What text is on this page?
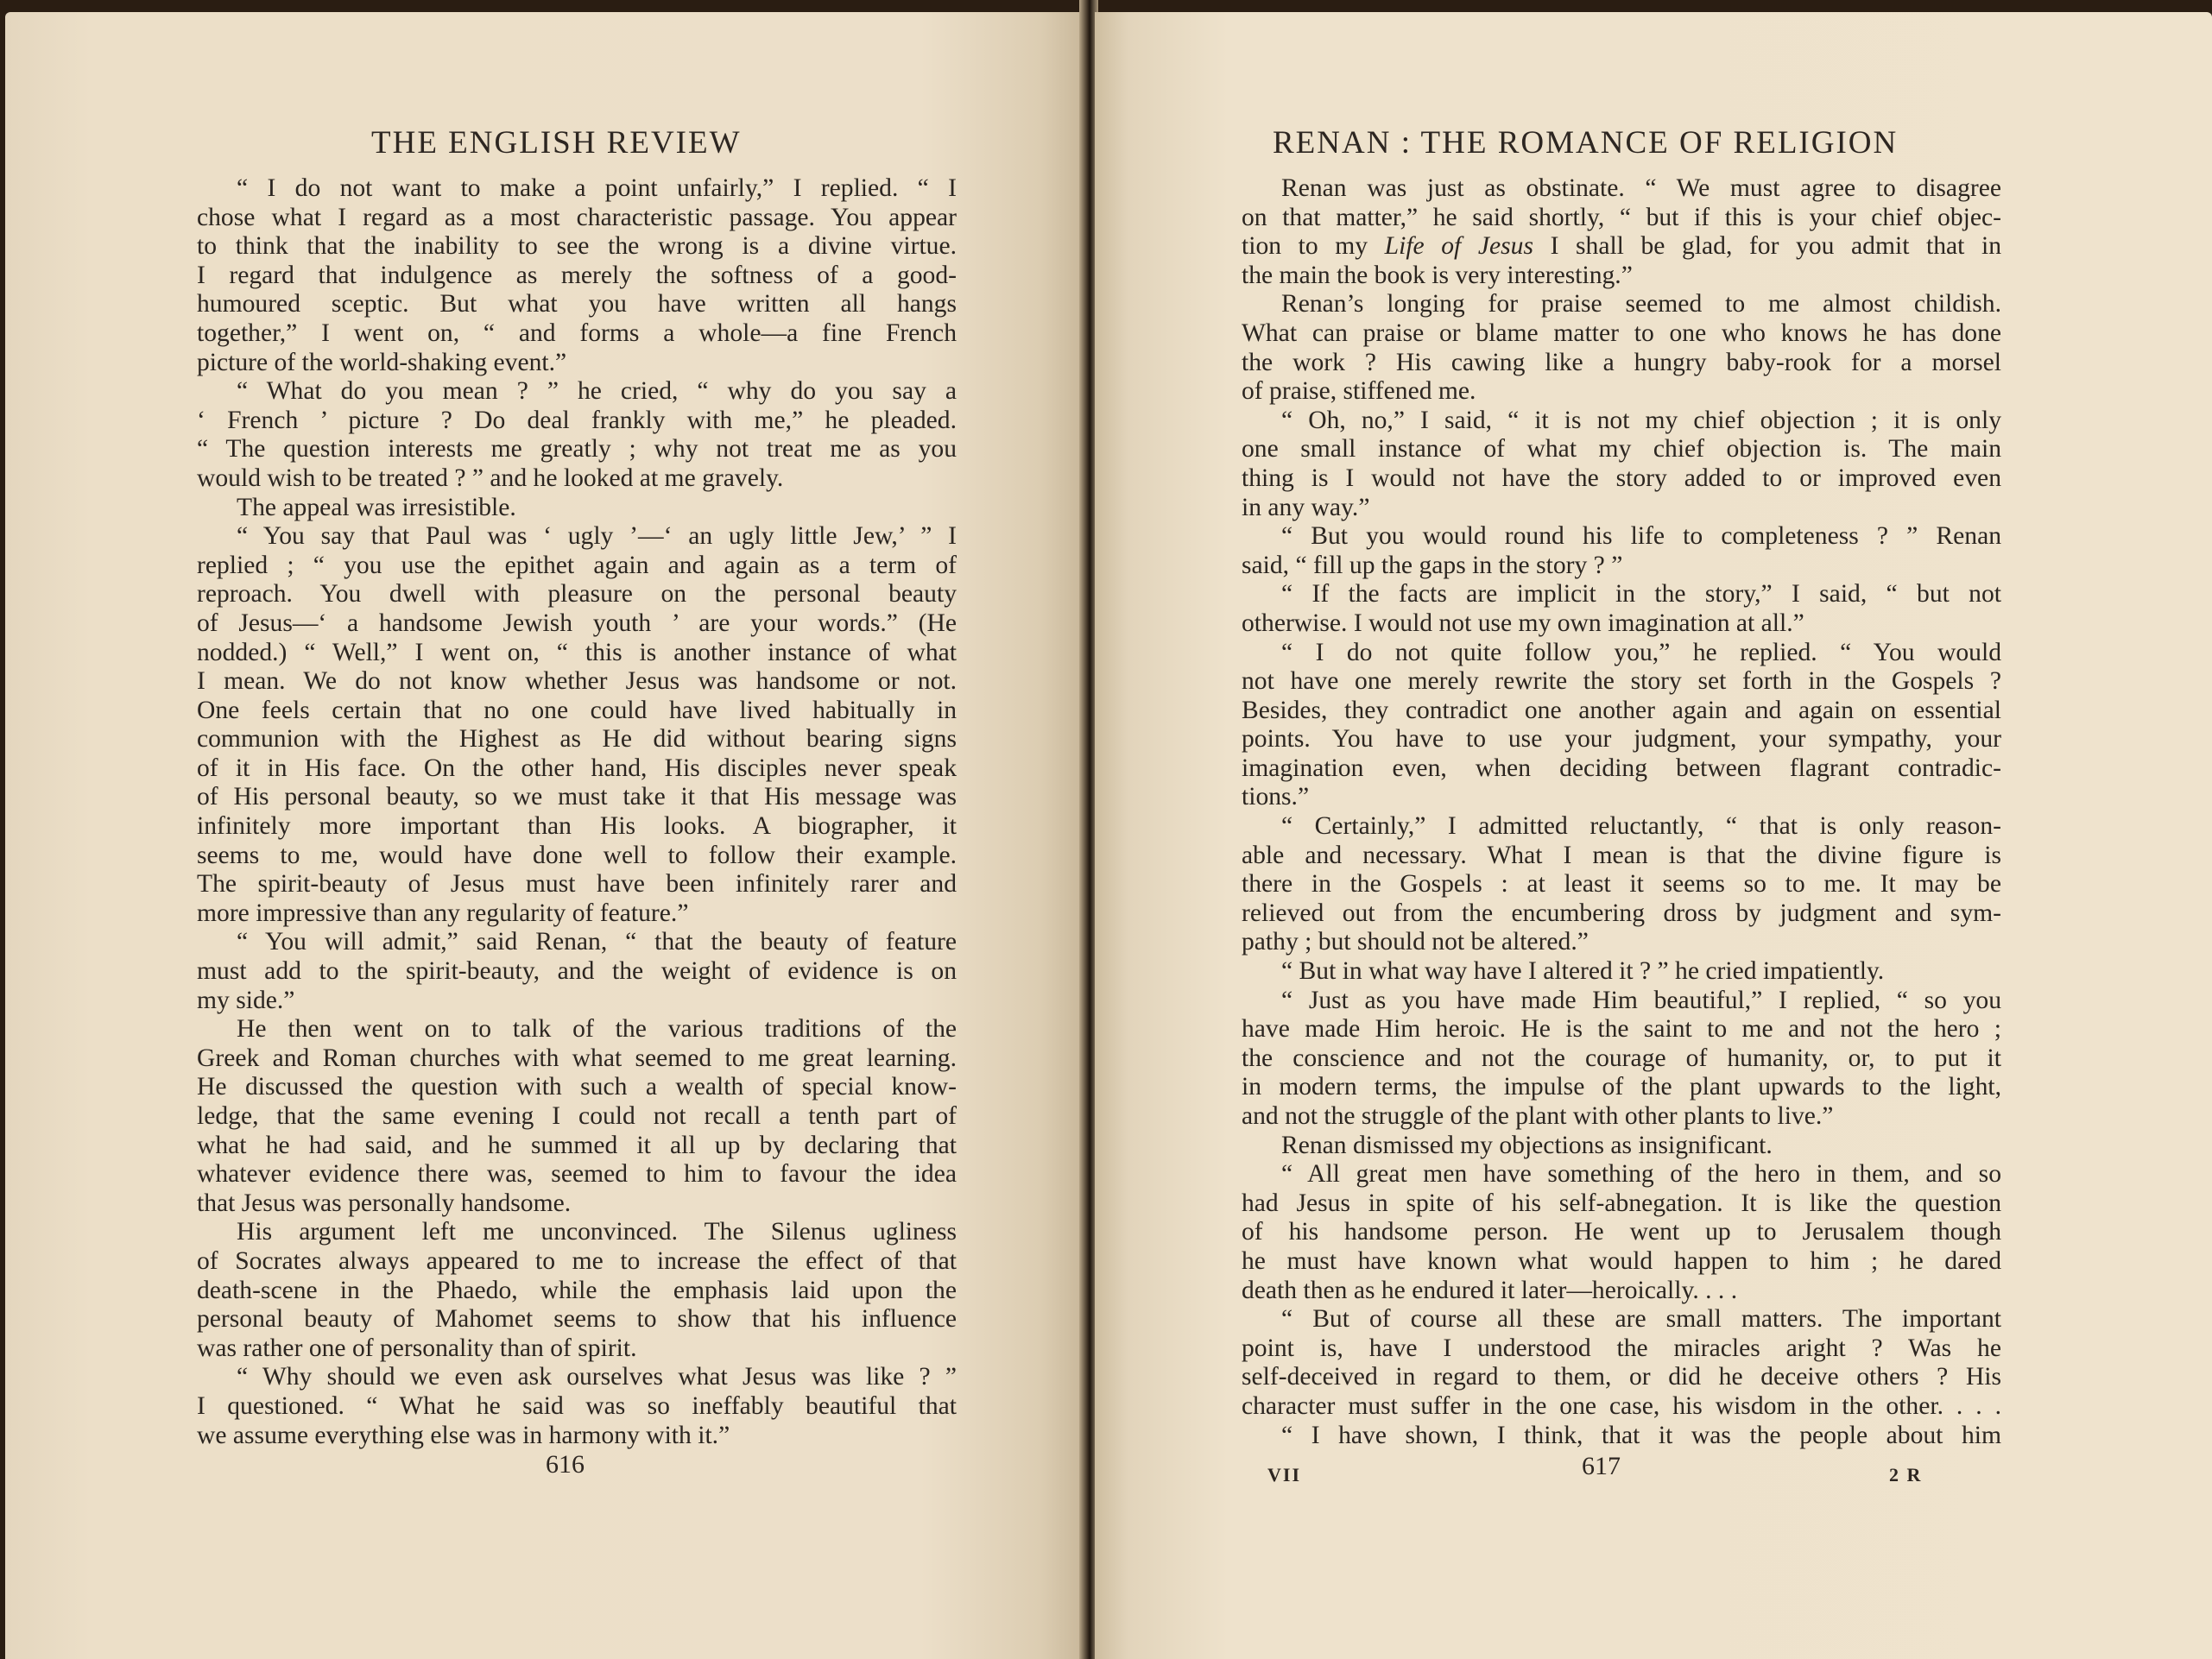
THE ENGLISH REVIEW
“ I do not want to make a point unfairly,” I replied. “ I
chose what I regard as a most characteristic passage. You appear
to think that the inability to see the wrong is a divine virtue.
I regard that indulgence as merely the softness of a good-
humoured sceptic. But what you have written all hangs
together,” I went on, “ and forms a whole—a fine French
picture of the world-shaking event.”
“ What do you mean ? ” he cried, “ why do you say a
‘ French ’ picture ? Do deal frankly with me,” he pleaded.
“ The question interests me greatly ; why not treat me as you
would wish to be treated ? ” and he looked at me gravely.
The appeal was irresistible.
“ You say that Paul was ‘ ugly ’—‘ an ugly little Jew,’ ” I
replied ; “ you use the epithet again and again as a term of
reproach. You dwell with pleasure on the personal beauty
of Jesus—‘ a handsome Jewish youth ’ are your words.” (He
nodded.) “ Well,” I went on, “ this is another instance of what
I mean. We do not know whether Jesus was handsome or not.
One feels certain that no one could have lived habitually in
communion with the Highest as He did without bearing signs
of it in His face. On the other hand, His disciples never speak
of His personal beauty, so we must take it that His message was
infinitely more important than His looks. A biographer, it
seems to me, would have done well to follow their example.
The spirit-beauty of Jesus must have been infinitely rarer and
more impressive than any regularity of feature.”
“ You will admit,” said Renan, “ that the beauty of feature
must add to the spirit-beauty, and the weight of evidence is on
my side.”
He then went on to talk of the various traditions of the
Greek and Roman churches with what seemed to me great learning.
He discussed the question with such a wealth of special know-
ledge, that the same evening I could not recall a tenth part of
what he had said, and he summed it all up by declaring that
whatever evidence there was, seemed to him to favour the idea
that Jesus was personally handsome.
His argument left me unconvinced. The Silenus ugliness
of Socrates always appeared to me to increase the effect of that
death-scene in the Phaedo, while the emphasis laid upon the
personal beauty of Mahomet seems to show that his influence
was rather one of personality than of spirit.
“ Why should we even ask ourselves what Jesus was like ? ”
I questioned. “ What he said was so ineffably beautiful that
we assume everything else was in harmony with it.”
616
RENAN : THE ROMANCE OF RELIGION
Renan was just as obstinate. “ We must agree to disagree
on that matter,” he said shortly, “ but if this is your chief objec-
tion to my Life of Jesus I shall be glad, for you admit that in
the main the book is very interesting.”
Renan’s longing for praise seemed to me almost childish.
What can praise or blame matter to one who knows he has done
the work ? His cawing like a hungry baby-rook for a morsel
of praise, stiffened me.
“ Oh, no,” I said, “ it is not my chief objection ; it is only
one small instance of what my chief objection is. The main
thing is I would not have the story added to or improved even
in any way.”
“ But you would round his life to completeness ? ” Renan
said, “ fill up the gaps in the story ? ”
“ If the facts are implicit in the story,” I said, “ but not
otherwise. I would not use my own imagination at all.”
“ I do not quite follow you,” he replied. “ You would
not have one merely rewrite the story set forth in the Gospels ?
Besides, they contradict one another again and again on essential
points. You have to use your judgment, your sympathy, your
imagination even, when deciding between flagrant contradic-
tions.”
“ Certainly,” I admitted reluctantly, “ that is only reason-
able and necessary. What I mean is that the divine figure is
there in the Gospels : at least it seems so to me. It may be
relieved out from the encumbering dross by judgment and sym-
pathy ; but should not be altered.”
“ But in what way have I altered it ? ” he cried impatiently.
“ Just as you have made Him beautiful,” I replied, “ so you
have made Him heroic. He is the saint to me and not the hero ;
the conscience and not the courage of humanity, or, to put it
in modern terms, the impulse of the plant upwards to the light,
and not the struggle of the plant with other plants to live.”
Renan dismissed my objections as insignificant.
“ All great men have something of the hero in them, and so
had Jesus in spite of his self-abnegation. It is like the question
of his handsome person. He went up to Jerusalem though
he must have known what would happen to him ; he dared
death then as he endured it later—heroically. . . .
“ But of course all these are small matters. The important
point is, have I understood the miracles aright ? Was he
self-deceived in regard to them, or did he deceive others ? His
character must suffer in the one case, his wisdom in the other. . . .
“ I have shown, I think, that it was the people about him
VII	617	2 R
